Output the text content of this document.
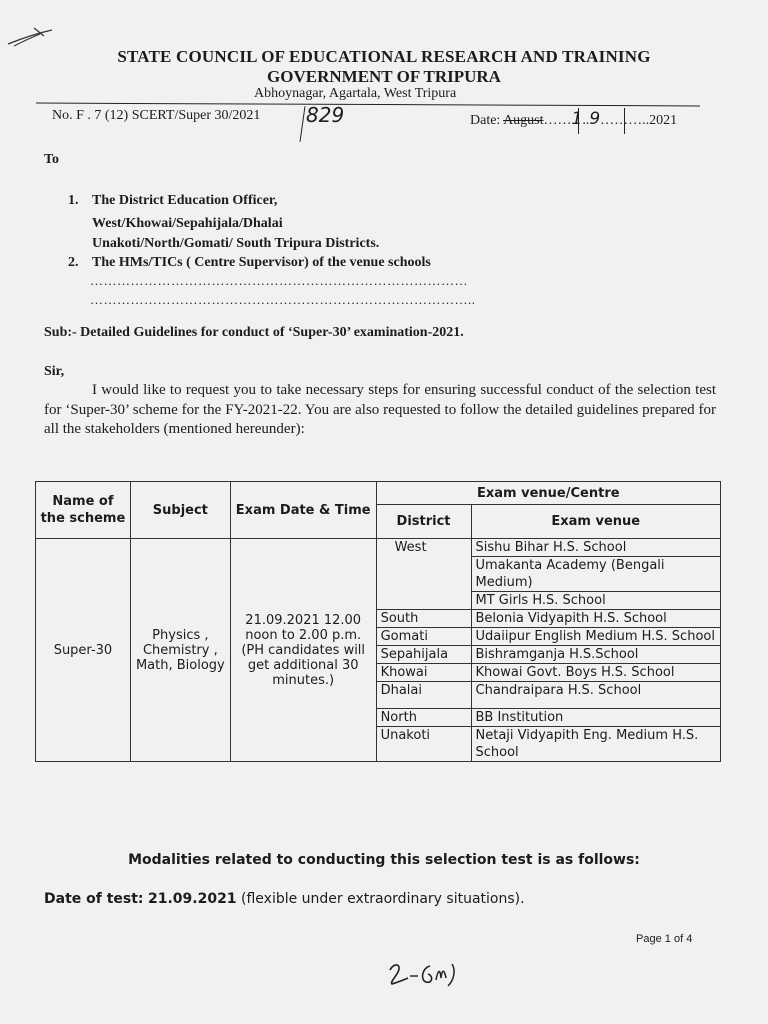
STATE COUNCIL OF EDUCATIONAL RESEARCH AND TRAINING
GOVERNMENT OF TRIPURA
Abhoynagar, Agartala, West Tripura
No. F . 7 (12) SCERT/Super 30/2021 829	Date: August……1..9………..2021
To
1. The District Education Officer,
West/Khowai/Sepahijala/Dhalai
Unakoti/North/Gomati/ South Tripura Districts.
2. The HMs/TICs ( Centre Supervisor) of the venue schools
…………………………………………………………………………
…………………………………………………………………………..
Sub:- Detailed Guidelines for conduct of ‘Super-30’ examination-2021.
Sir,
I would like to request you to take necessary steps for ensuring successful conduct of the selection test for ‘Super-30’ scheme for the FY-2021-22. You are also requested to follow the detailed guidelines prepared for all the stakeholders (mentioned hereunder):
Name of the scheme	Subject	Exam Date & Time	Exam venue/Centre	
			District	Exam venue
Super-30	Physics , Chemistry , Math, Biology	21.09.2021 12.00 noon to 2.00 p.m. (PH candidates will get additional 30 minutes.)	West	Sishu Bihar H.S. School
				Umakanta Academy (Bengali Medium)
				MT Girls H.S. School
			South	Belonia Vidyapith H.S. School
			Gomati	Udaiipur English Medium H.S. School
			Sepahijala	Bishramganja H.S.School
			Khowai	Khowai Govt. Boys H.S. School
			Dhalai	Chandraipara H.S. School
			North	BB Institution
			Unakoti	Netaji Vidyapith Eng. Medium H.S. School
Modalities related to conducting this selection test is as follows:
Date of test: 21.09.2021 (flexible under extraordinary situations).
Page 1 of 4
